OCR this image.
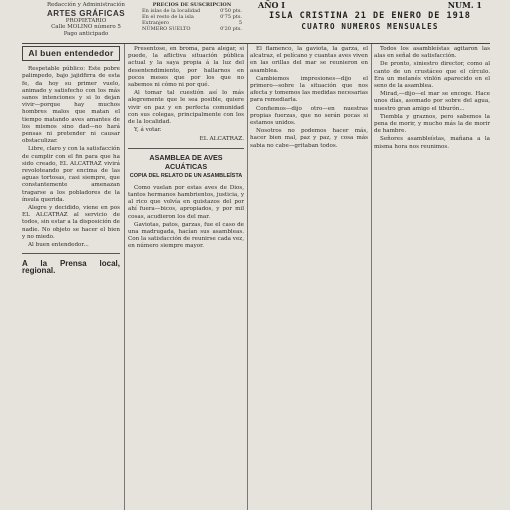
Redacción y Administración
ARTES GRÁFICAS
PROPIETARIO
Calle MOLINO número 5
Pago anticipado
PRECIOS DE SUSCRIPCION
En islas de la localidad	0'50 pts.
En el resto de la isla	0'75 pts.
Extranjero	5
NÚMERO SUELTO	0'20 pts.
AÑO I	NUM. 1
ISLA CRISTINA 21 DE ENERO DE 1918
CUATRO NUMEROS MENSUALES
Al buen entendedor

Respetable público: Este pobre palimpedo, bajo jajidfirra de esta fe, da hoy su primer vuelo, animado y satisfecho con los más sanos intenciones y si lo dejan vivir—porque hay muchos hombres malos que matan el tiempo matando aves amantes de los mismos sino dad—no hará pensas ni pretender ni causar obstaculizar.

Libre, claro y con la satisfacción de cumplir con el fin para que ha sido creado, EL ALCATRAZ vivirá revoloteando por encima de las aguas tortosas, casi siempre, que constantemente amenazan tragarse a los pobladores de la ínsula querida.

Alegre y decidido, viene en pos EL ALCATRAZ al servicio de todos, sin estar a la disposición de nadie. No objeto se hacer el bien y no miedo.

Al buen entendedor...

A la Prensa local, regional.

Presentose, en broma, para alegar, si puede, la aflictiva situación pública actual y la saya propia á la luz del desentendimiento, por hallarnos en pocos meses que por los que no sabemos ni cómo ni por qué.

Al tomar tal cuestión así lo más alegremente que le sea posible, quiere vivir en paz y en perfecta comunidad con sus colegas, principalmente con los de la localidad.

Y, á votar.

EL ALCATRAZ.
ASAMBLEA DE AVES ACUÁTICAS
COPIA DEL RELATO DE UN ASAMBLEÍSTA

Como vuelan por estas aves de Dios, tantos hermanos hambrientos, justicia, y al rico que volvía en quistazos del por ahí fuera—bicos, apropiados, y por mil cosas, acudieron los del mar.

Gaviotas, patos, garzas, fue el caso de una madrugada, hacían sus asambleas. Con la satisfacción de reunirse cada vez, en número siempre mayor.

El flamenco, la gaviota, la garza, el alcatraz, el pelícano y cuantas aves viven en las orillas del mar se reunieron en asamblea.

Cambiemos impresiones—dijo el primero—sobre la situación que nos afecta y tomemos las medidas necesarias para remediarla.

Confiemos—dijo otro—en nuestras propias fuerzas, que no serán pocas si estamos unidos.

Nosotros no podemos hacer más, hacer bien mal, paz y paz, y cosa más sabia no cabe—gritaban todos.

Todos los asambleístas agitaron las alas en señal de satisfacción.

De pronto, siniestro director, como al canto de un crustáceo que el círculo. Era un melanés vinlón aparecido en el seno de la asamblea.

Mirad,—dijo—el mar se encoge. Hace unos días, asomado por sobre del agua, nuestro gran amigo el tiburón...

Tiembla y graznos, pero sabemos la pena de morir, y mucho más la de morir de hambre.

Señores asambleístas, mañana a la misma hora nos reunimos.
